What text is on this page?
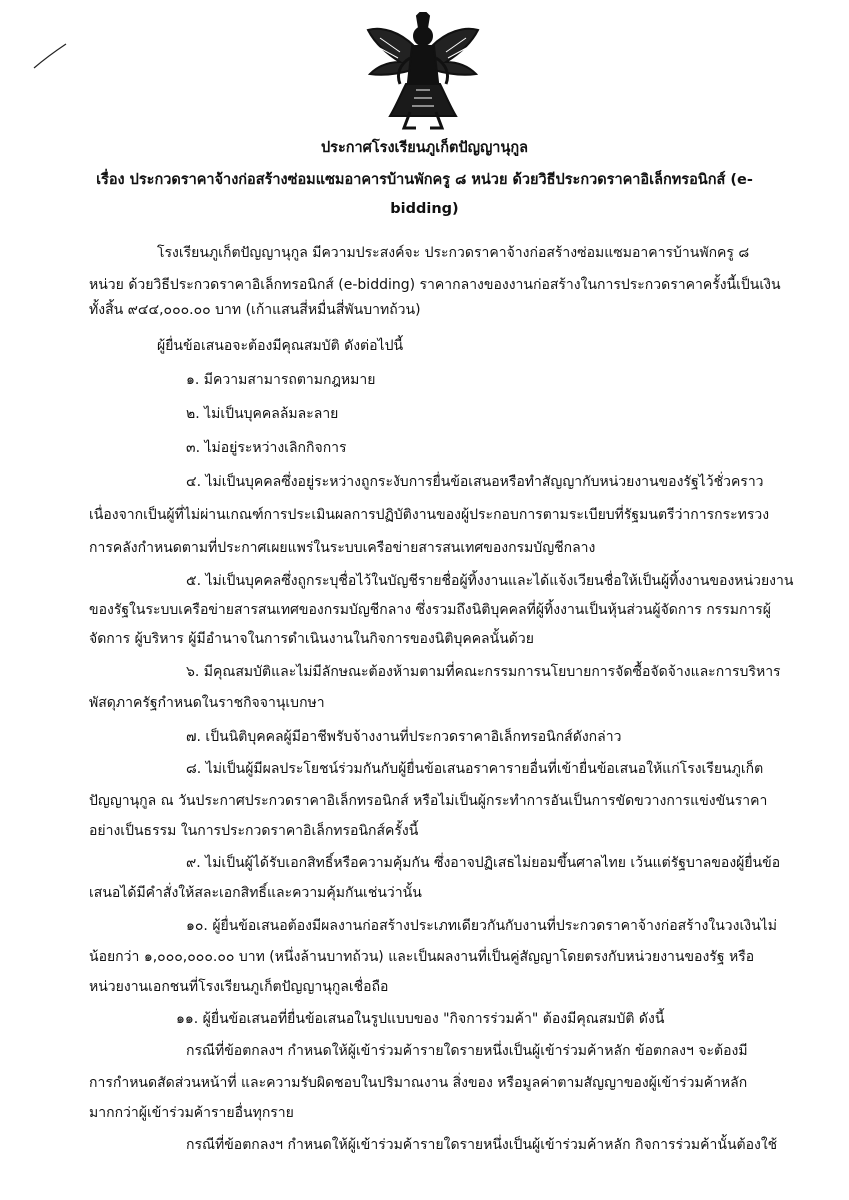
ประกาศโรงเรียนภูเก็ตปัญญานุกูล
เรื่อง ประกวดราคาจ้างก่อสร้างซ่อมแซมอาคารบ้านพักครู ๘ หน่วย ด้วยวิธีประกวดราคาอิเล็กทรอนิกส์ (e-
bidding)
โรงเรียนภูเก็ตปัญญานุกูล มีความประสงค์จะ ประกวดราคาจ้างก่อสร้างซ่อมแซมอาคารบ้านพักครู ๘
หน่วย ด้วยวิธีประกวดราคาอิเล็กทรอนิกส์ (e-bidding) ราคากลางของงานก่อสร้างในการประกวดราคาครั้งนี้เป็นเงิน
ทั้งสิ้น ๙๔๔,๐๐๐.๐๐ บาท (เก้าแสนสี่หมื่นสี่พันบาทถ้วน)
ผู้ยื่นข้อเสนอจะต้องมีคุณสมบัติ ดังต่อไปนี้
๑. มีความสามารถตามกฎหมาย
๒. ไม่เป็นบุคคลล้มละลาย
๓. ไม่อยู่ระหว่างเลิกกิจการ
๔. ไม่เป็นบุคคลซึ่งอยู่ระหว่างถูกระงับการยื่นข้อเสนอหรือทำสัญญากับหน่วยงานของรัฐไว้ชั่วคราว
เนื่องจากเป็นผู้ที่ไม่ผ่านเกณฑ์การประเมินผลการปฏิบัติงานของผู้ประกอบการตามระเบียบที่รัฐมนตรีว่าการกระทรวง
การคลังกำหนดตามที่ประกาศเผยแพร่ในระบบเครือข่ายสารสนเทศของกรมบัญชีกลาง
๕. ไม่เป็นบุคคลซึ่งถูกระบุชื่อไว้ในบัญชีรายชื่อผู้ทิ้งงานและได้แจ้งเวียนชื่อให้เป็นผู้ทิ้งงานของหน่วยงาน
ของรัฐในระบบเครือข่ายสารสนเทศของกรมบัญชีกลาง ซึ่งรวมถึงนิติบุคคลที่ผู้ทิ้งงานเป็นหุ้นส่วนผู้จัดการ กรรมการผู้
จัดการ ผู้บริหาร ผู้มีอำนาจในการดำเนินงานในกิจการของนิติบุคคลนั้นด้วย
๖. มีคุณสมบัติและไม่มีลักษณะต้องห้ามตามที่คณะกรรมการนโยบายการจัดซื้อจัดจ้างและการบริหาร
พัสดุภาครัฐกำหนดในราชกิจจานุเบกษา
๗. เป็นนิติบุคคลผู้มีอาชีพรับจ้างงานที่ประกวดราคาอิเล็กทรอนิกส์ดังกล่าว
๘. ไม่เป็นผู้มีผลประโยชน์ร่วมกันกับผู้ยื่นข้อเสนอราคารายอื่นที่เข้ายื่นข้อเสนอให้แก่โรงเรียนภูเก็ต
ปัญญานุกูล ณ วันประกาศประกวดราคาอิเล็กทรอนิกส์ หรือไม่เป็นผู้กระทำการอันเป็นการขัดขวางการแข่งขันราคา
อย่างเป็นธรรม ในการประกวดราคาอิเล็กทรอนิกส์ครั้งนี้
๙. ไม่เป็นผู้ได้รับเอกสิทธิ์หรือความคุ้มกัน ซึ่งอาจปฏิเสธไม่ยอมขึ้นศาลไทย เว้นแต่รัฐบาลของผู้ยื่นข้อ
เสนอได้มีคำสั่งให้สละเอกสิทธิ์และความคุ้มกันเช่นว่านั้น
๑๐. ผู้ยื่นข้อเสนอต้องมีผลงานก่อสร้างประเภทเดียวกันกับงานที่ประกวดราคาจ้างก่อสร้างในวงเงินไม่
น้อยกว่า ๑,๐๐๐,๐๐๐.๐๐ บาท (หนึ่งล้านบาทถ้วน) และเป็นผลงานที่เป็นคู่สัญญาโดยตรงกับหน่วยงานของรัฐ หรือ
หน่วยงานเอกชนที่โรงเรียนภูเก็ตปัญญานุกูลเชื่อถือ
๑๑. ผู้ยื่นข้อเสนอที่ยื่นข้อเสนอในรูปแบบของ "กิจการร่วมค้า" ต้องมีคุณสมบัติ ดังนี้
กรณีที่ข้อตกลงฯ กำหนดให้ผู้เข้าร่วมค้ารายใดรายหนึ่งเป็นผู้เข้าร่วมค้าหลัก ข้อตกลงฯ จะต้องมี
การกำหนดสัดส่วนหน้าที่ และความรับผิดชอบในปริมาณงาน สิ่งของ หรือมูลค่าตามสัญญาของผู้เข้าร่วมค้าหลัก
มากกว่าผู้เข้าร่วมค้ารายอื่นทุกราย
กรณีที่ข้อตกลงฯ กำหนดให้ผู้เข้าร่วมค้ารายใดรายหนึ่งเป็นผู้เข้าร่วมค้าหลัก กิจการร่วมค้านั้นต้องใช้
